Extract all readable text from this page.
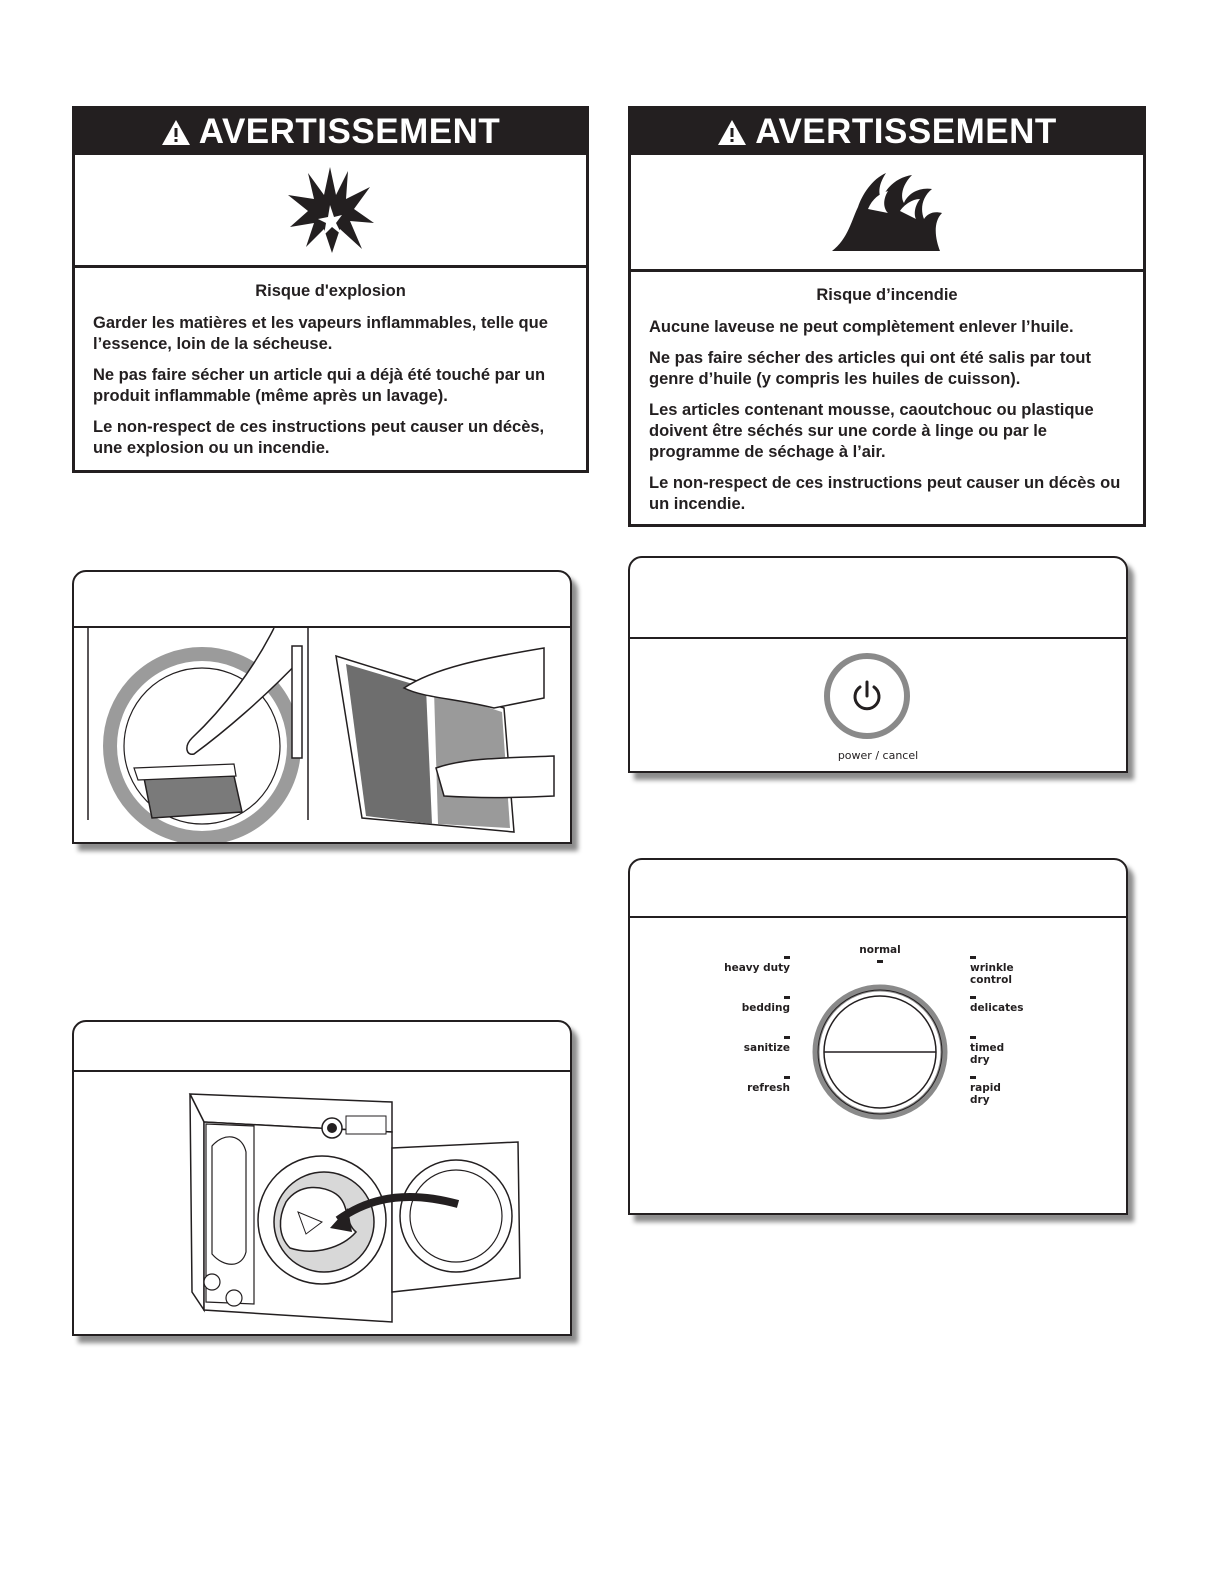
AVERTISSEMENT
Risque d'explosion

Garder les matières et les vapeurs inflammables, telle que l’essence, loin de la sécheuse.

Ne pas faire sécher un article qui a déjà été touché par un produit inflammable (même après un lavage).

Le non-respect de ces instructions peut causer un décès, une explosion ou un incendie.

AVERTISSEMENT
Risque d’incendie

Aucune laveuse ne peut complètement enlever l’huile.

Ne pas faire sécher des articles qui ont été salis par tout genre d’huile (y compris les huiles de cuisson).

Les articles contenant mousse, caoutchouc ou plastique doivent être séchés sur une corde à linge ou par le programme de séchage à l’air.

Le non-respect de ces instructions peut causer un décès ou un incendie.

power / cancel
normal
heavy duty
bedding
sanitize
refresh
wrinkle
control
delicates
timed
dry
rapid
dry
